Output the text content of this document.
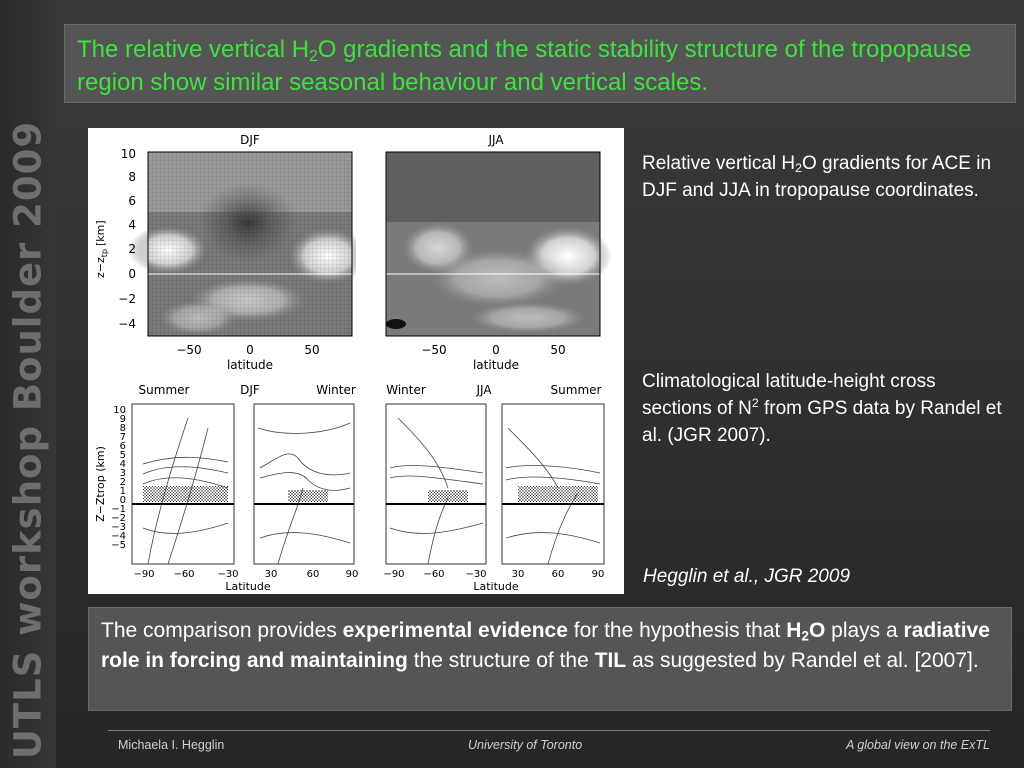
UTLS workshop Boulder 2009

The relative vertical $H_2O$ gradients and the static stability structure of the tropopause region show similar seasonal behaviour and vertical scales.

DJF	JJA
10
8
6
4
2
0
−2
−4
$z-z_{tp}[km]$
−50	0	50	−50	0	50
latitude	latitude
Summer	DJF	Winter	Winter	JJA	Summer
10
9
8
7
6
5
4
3
2
1
0
−1
−2
−3
−4
−5
Z−Ztrop (km)
−90 −60 −30	30	60	90	−90 −60 −30	30	60	90
Latitude	Latitude

Relative vertical $H_2O$ gradients for ACE in DJF and JJA in tropopause coordinates.

Climatological latitude-height cross sections of $N^2$ from GPS data by Randel et al. (JGR 2007).

Hegglin et al., JGR 2009

The comparison provides experimental evidence for the hypothesis that $H_2O$ plays a radiative role in forcing and maintaining the structure of the TIL as suggested by Randel et al. [2007].

Michaela I. Hegglin	University of Toronto	A global view on the ExTL
